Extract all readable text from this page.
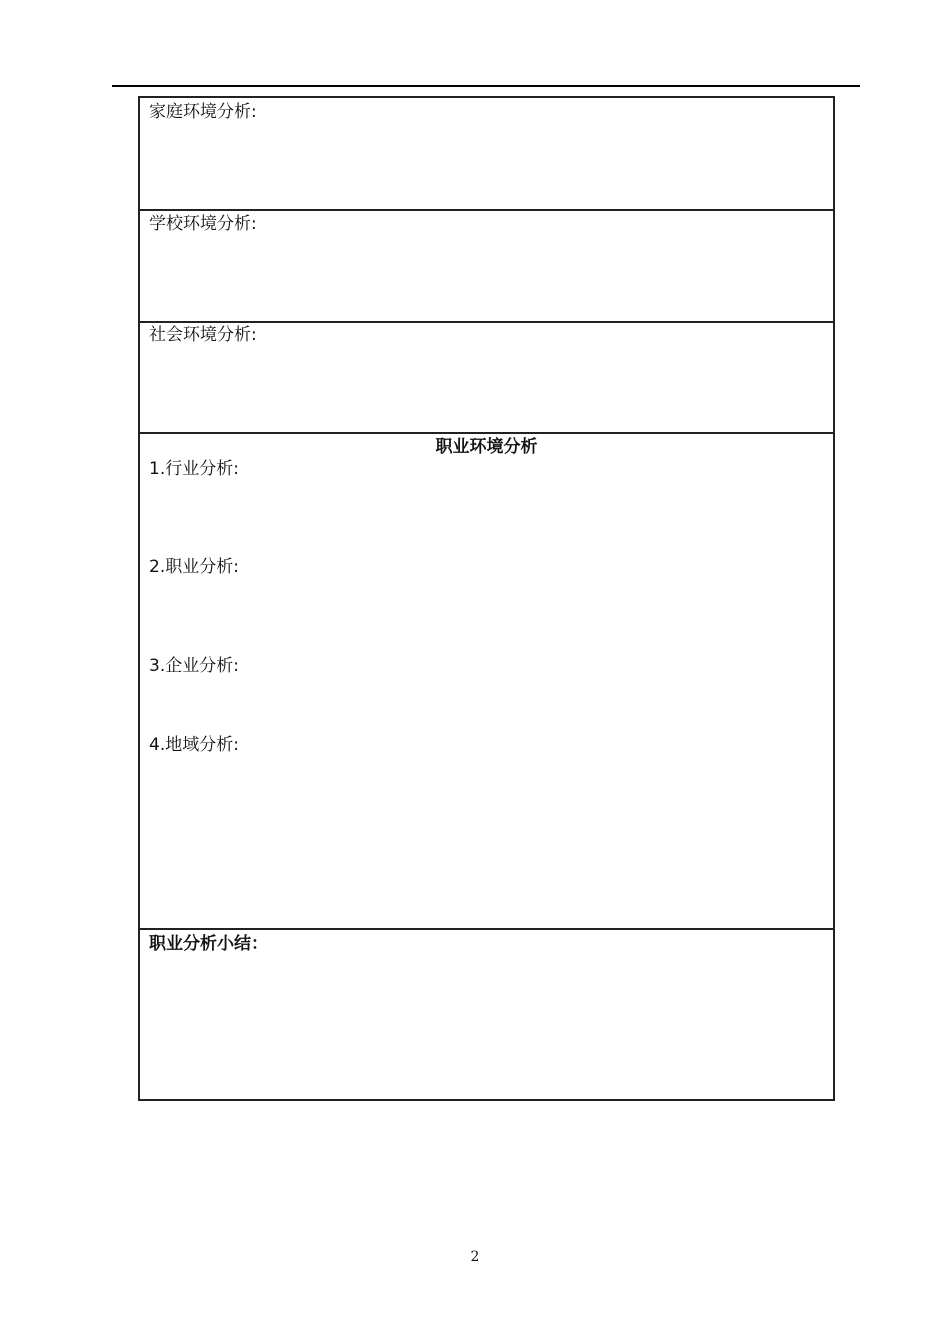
家庭环境分析:
学校环境分析:
社会环境分析:
职业环境分析
1.行业分析:
2.职业分析:
3.企业分析:
4.地域分析:
职业分析小结：
2
